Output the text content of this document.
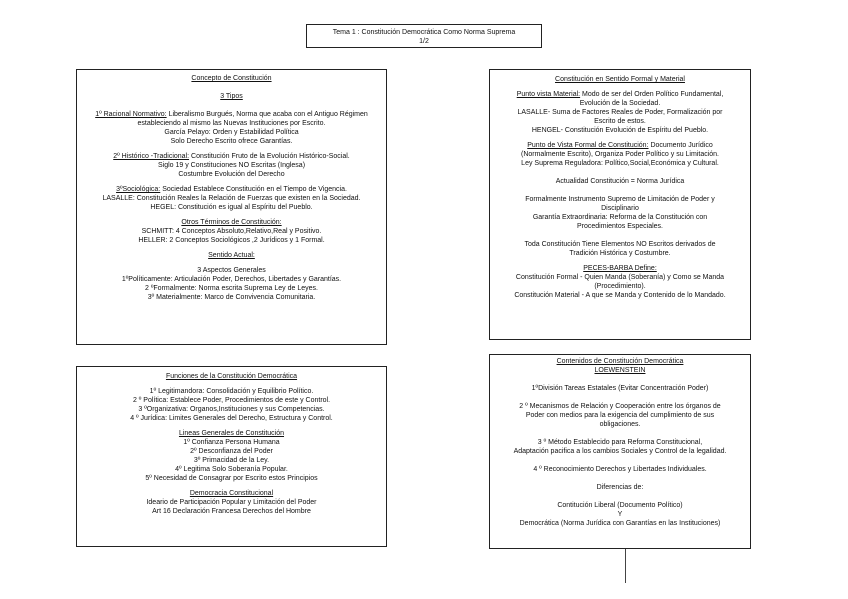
Tema 1 : Constitución Democrática Como Norma Suprema

1/2

Concepto de Constitución

3 Tipos

1º Racional Normativo: Liberalismo Burgués, Norma que acaba con el Antiguo Régimen

estableciendo al mismo las Nuevas Instituciones por Escrito.

García Pelayo: Orden y Estabilidad Política

Solo Derecho Escrito ofrece Garantías.

2º Histórico -Tradicional: Constitución Fruto de la Evolución Histórico-Social.

Siglo 19 y Constituciones NO Escritas (Inglesa)

Costumbre Evolución del Derecho

3ºSociológica: Sociedad Establece Constitución en el Tiempo de Vigencia.

LASALLE: Constitución Reales la Relación de Fuerzas que existen en la Sociedad.

HEGEL: Constitución es igual al Espíritu del Pueblo.

Otros Términos de Constitución:

SCHMITT: 4 Conceptos Absoluto,Relativo,Real y Positivo.

HELLER: 2 Conceptos Sociológicos ,2 Jurídicos y 1 Formal.

Sentido Actual:

3 Aspectos Generales

1ºPolíticamente: Articulación Poder, Derechos, Libertades y Garantías.

2 ºFormalmente: Norma escrita Suprema Ley de Leyes.

3º Materialmente: Marco de Convivencia Comunitaria.

Funciones de la Constitución Democrática

1º Legitimandora: Consolidación y Equilibrio Político.

2 º Política: Establece Poder, Procedimientos de este y Control.

3 ºOrganizativa: Organos,Instituciones y sus Competencias.

4 º Jurídica: Limites Generales del Derecho, Estructura y Control.

Lineas Generales de Constitución

1º Confianza Persona Humana

2º Desconfianza del Poder

3º Primacidad de la Ley.

4º Legitima Solo Soberanía Popular.

5º Necesidad de Consagrar por Escrito estos Principios

Democracia Constitucional

Ideario de Participación Popular y Limitación del Poder

Art 16 Declaración Francesa Derechos del Hombre

Constitución en Sentido Formal y Material

Punto vista Material: Modo de ser del Orden Político Fundamental,

Evolución de la Sociedad.

LASALLE- Suma de Factores Reales de Poder, Formalización por

Escrito de estos.

HENGEL- Constitución Evolución de Espíritu del Pueblo.

Punto de Vista Formal de Constitución: Documento Jurídico

(Normalmente Escrito), Organiza Poder Político y su Limitación.

Ley Suprema Reguladora: Político,Social,Económica y Cultural.

Actualidad Constitución = Norma Jurídica

Formalmente Instrumento Supremo de Limitación de Poder y

Disciplinario

Garantía Extraordinaria: Reforma de la Constitución con

Procedimientos Especiales.

Toda Constitución Tiene Elementos NO Escritos derivados de

Tradición Histórica y Costumbre.

PECES-BARBA Define:

Constitución Formal - Quien Manda (Soberanía) y Como se Manda

(Procedimiento).

Constitución Material - A que se Manda y Contenido de lo Mandado.

Contenidos de Constitución Democrática

LOEWENSTEIN

1ºDivisión Tareas Estatales (Evitar Concentración Poder)

2 º Mecanismos de Relación y Cooperación entre los órganos de

Poder con medios para la exigencia del cumplimiento de sus

obligaciones.

3 º Método Establecido para Reforma Constitucional,

Adaptación pacifica a los cambios Sociales y Control de la legalidad.

4 º Reconocimiento Derechos y Libertades Individuales.

Diferencias de:

Contitución Liberal (Documento Político)

Y

Democrática (Norma Jurídica con Garantías en las Instituciones)
